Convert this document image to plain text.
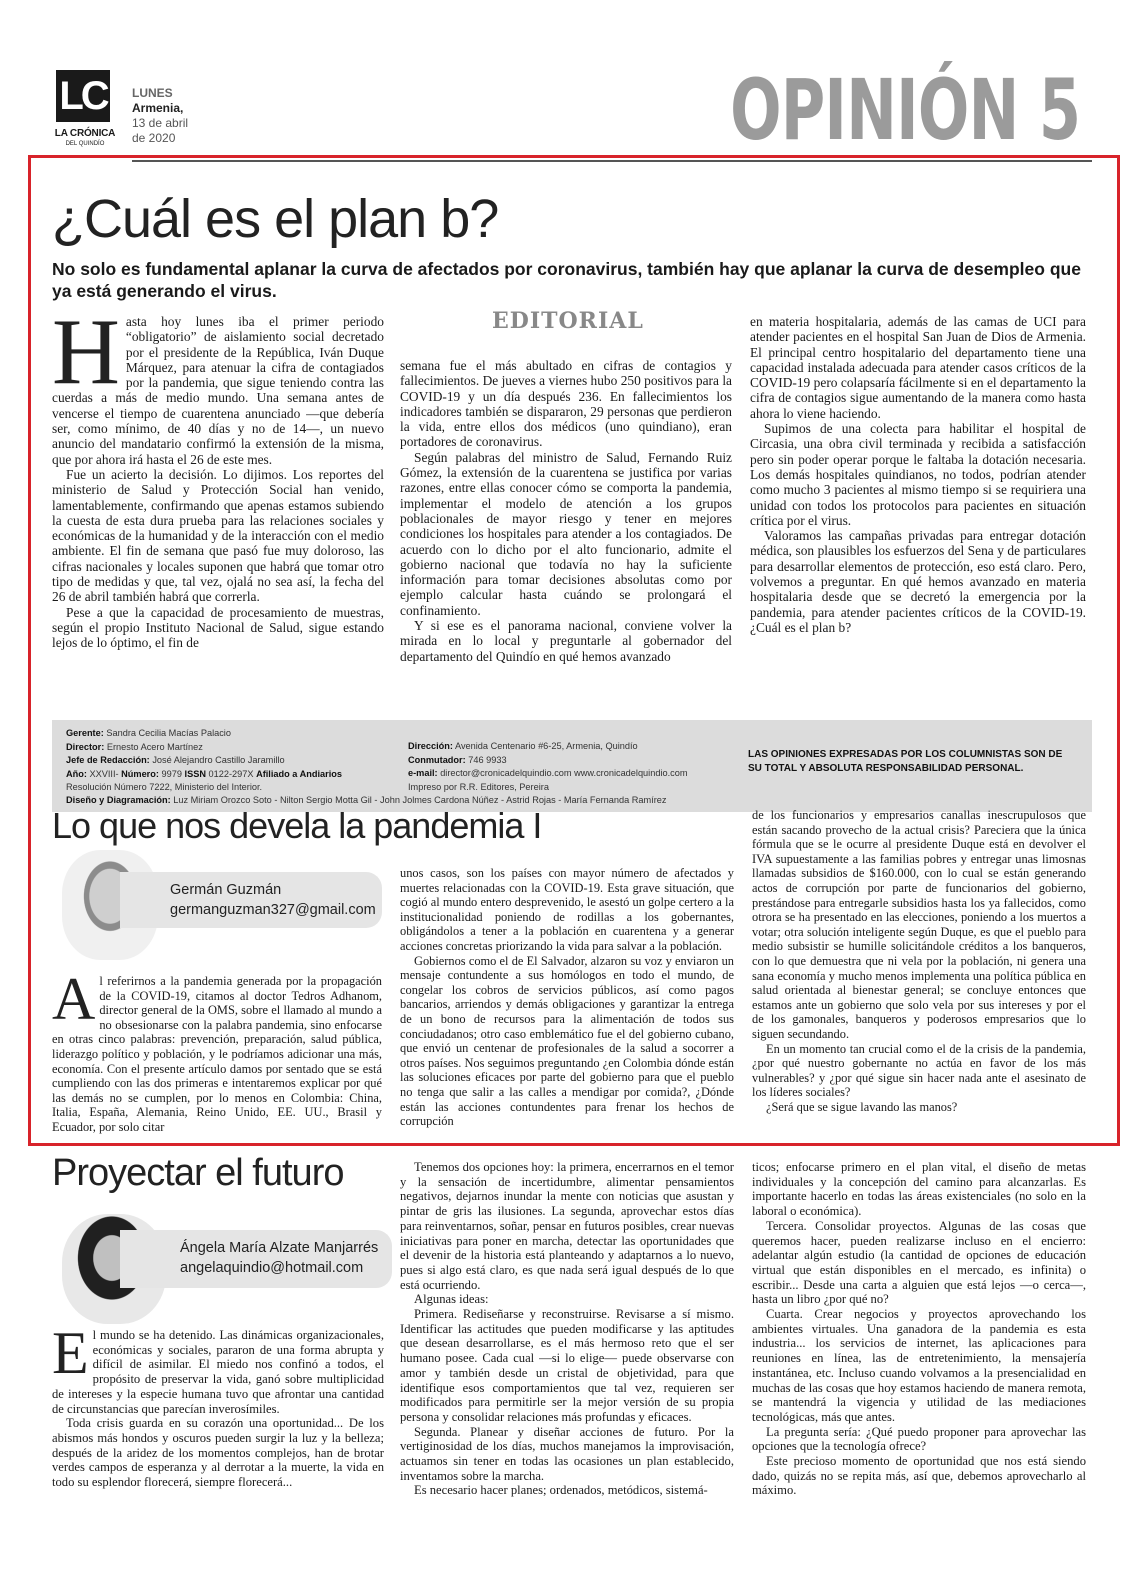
LC
LA CRÓNICA
DEL QUINDÍO
LUNES
Armenia,
13 de abril
de 2020	OPINIÓN 5
¿Cuál es el plan b?
No solo es fundamental aplanar la curva de afectados por coronavirus, también hay que aplanar la curva de desempleo que ya está generando el virus.
EDITORIAL

Hasta hoy lunes iba el primer periodo “obligatorio” de aislamiento social decretado por el presidente de la República, Iván Duque Márquez, para atenuar la cifra de contagiados por la pandemia, que sigue teniendo contra las cuerdas a más de medio mundo. Una semana antes de vencerse el tiempo de cuarentena anunciado —que debería ser, como mínimo, de 40 días y no de 14—, un nuevo anuncio del mandatario confirmó la extensión de la misma, que por ahora irá hasta el 26 de este mes.

Fue un acierto la decisión. Lo dijimos. Los reportes del ministerio de Salud y Protección Social han venido, lamentablemente, confirmando que apenas estamos subiendo la cuesta de esta dura prueba para las relaciones sociales y económicas de la humanidad y de la interacción con el medio ambiente. El fin de semana que pasó fue muy doloroso, las cifras nacionales y locales suponen que habrá que tomar otro tipo de medidas y que, tal vez, ojalá no sea así, la fecha del 26 de abril también habrá que correrla.

Pese a que la capacidad de procesamiento de muestras, según el propio Instituto Nacional de Salud, sigue estando lejos de lo óptimo, el fin de

semana fue el más abultado en cifras de contagios y fallecimientos. De jueves a viernes hubo 250 positivos para la COVID-19 y un día después 236. En fallecimientos los indicadores también se dispararon, 29 personas que perdieron la vida, entre ellos dos médicos (uno quindiano), eran portadores de coronavirus.

Según palabras del ministro de Salud, Fernando Ruiz Gómez, la extensión de la cuarentena se justifica por varias razones, entre ellas conocer cómo se comporta la pandemia, implementar el modelo de atención a los grupos poblacionales de mayor riesgo y tener en mejores condiciones los hospitales para atender a los contagiados. De acuerdo con lo dicho por el alto funcionario, admite el gobierno nacional que todavía no hay la suficiente información para tomar decisiones absolutas como por ejemplo calcular hasta cuándo se prolongará el confinamiento.

Y si ese es el panorama nacional, conviene volver la mirada en lo local y preguntarle al gobernador del departamento del Quindío en qué hemos avanzado

en materia hospitalaria, además de las camas de UCI para atender pacientes en el hospital San Juan de Dios de Armenia. El principal centro hospitalario del departamento tiene una capacidad instalada adecuada para atender casos críticos de la COVID-19 pero colapsaría fácilmente si en el departamento la cifra de contagios sigue aumentando de la manera como hasta ahora lo viene haciendo.

Supimos de una colecta para habilitar el hospital de Circasia, una obra civil terminada y recibida a satisfacción pero sin poder operar porque le faltaba la dotación necesaria. Los demás hospitales quindianos, no todos, podrían atender como mucho 3 pacientes al mismo tiempo si se requiriera una unidad con todos los protocolos para pacientes en situación crítica por el virus.

Valoramos las campañas privadas para entregar dotación médica, son plausibles los esfuerzos del Sena y de particulares para desarrollar elementos de protección, eso está claro. Pero, volvemos a preguntar. En qué hemos avanzado en materia hospitalaria desde que se decretó la emergencia por la pandemia, para atender pacientes críticos de la COVID-19. ¿Cuál es el plan b?

Gerente: Sandra Cecilia Macías Palacio
Director: Ernesto Acero Martínez
Jefe de Redacción: José Alejandro Castillo Jaramillo
Año: XXVIII- Número: 9979 ISSN 0122-297X Afiliado a Andiarios
Resolución Número 7222, Ministerio del Interior.
Dirección: Avenida Centenario #6-25, Armenia, Quindío
Conmutador: 746 9933
e-mail: director@cronicadelquindio.com www.cronicadelquindio.com
Impreso por R.R. Editores, Pereira
LAS OPINIONES EXPRESADAS POR LOS COLUMNISTAS SON DE SU TOTAL Y ABSOLUTA RESPONSABILIDAD PERSONAL.
Diseño y Diagramación: Luz Miriam Orozco Soto - Nilton Sergio Motta Gil - John Jolmes Cardona Núñez - Astrid Rojas - María Fernanda Ramírez
Lo que nos devela la pandemia I
Germán Guzmán
germanguzman327@gmail.com

Al referirnos a la pandemia generada por la propagación de la COVID-19, citamos al doctor Tedros Adhanom, director general de la OMS, sobre el llamado al mundo a no obsesionarse con la palabra pandemia, sino enfocarse en otras cinco palabras: prevención, preparación, salud pública, liderazgo político y población, y le podríamos adicionar una más, economía. Con el presente artículo damos por sentado que se está cumpliendo con las dos primeras e intentaremos explicar por qué las demás no se cumplen, por lo menos en Colombia: China, Italia, España, Alemania, Reino Unido, EE. UU., Brasil y Ecuador, por solo citar

unos casos, son los países con mayor número de afectados y muertes relacionadas con la COVID-19. Esta grave situación, que cogió al mundo entero desprevenido, le asestó un golpe certero a la institucionalidad poniendo de rodillas a los gobernantes, obligándolos a tener a la población en cuarentena y a generar acciones concretas priorizando la vida para salvar a la población.

Gobiernos como el de El Salvador, alzaron su voz y enviaron un mensaje contundente a sus homólogos en todo el mundo, de congelar los cobros de servicios públicos, así como pagos bancarios, arriendos y demás obligaciones y garantizar la entrega de un bono de recursos para la alimentación de todos sus conciudadanos; otro caso emblemático fue el del gobierno cubano, que envió un centenar de profesionales de la salud a socorrer a otros países. Nos seguimos preguntando ¿en Colombia dónde están las soluciones eficaces por parte del gobierno para que el pueblo no tenga que salir a las calles a mendigar por comida?, ¿Dónde están las acciones contundentes para frenar los hechos de corrupción

de los funcionarios y empresarios canallas inescrupulosos que están sacando provecho de la actual crisis? Pareciera que la única fórmula que se le ocurre al presidente Duque está en devolver el IVA supuestamente a las familias pobres y entregar unas limosnas llamadas subsidios de $160.000, con lo cual se están generando actos de corrupción por parte de funcionarios del gobierno, prestándose para entregarle subsidios hasta los ya fallecidos, como otrora se ha presentado en las elecciones, poniendo a los muertos a votar; otra solución inteligente según Duque, es que el pueblo para medio subsistir se humille solicitándole créditos a los banqueros, con lo que demuestra que ni vela por la población, ni genera una sana economía y mucho menos implementa una política pública en salud orientada al bienestar general; se concluye entonces que estamos ante un gobierno que solo vela por sus intereses y por el de los gamonales, banqueros y poderosos empresarios que lo siguen secundando.

En un momento tan crucial como el de la crisis de la pandemia, ¿por qué nuestro gobernante no actúa en favor de los más vulnerables? y ¿por qué sigue sin hacer nada ante el asesinato de los líderes sociales?

¿Será que se sigue lavando las manos?

Proyectar el futuro
Ángela María Alzate Manjarrés
angelaquindio@hotmail.com

El mundo se ha detenido. Las dinámicas organizacionales, económicas y sociales, pararon de una forma abrupta y difícil de asimilar. El miedo nos confinó a todos, el propósito de preservar la vida, ganó sobre multiplicidad de intereses y la especie humana tuvo que afrontar una cantidad de circunstancias que parecían inverosímiles.

Toda crisis guarda en su corazón una oportunidad... De los abismos más hondos y oscuros pueden surgir la luz y la belleza; después de la aridez de los momentos complejos, han de brotar verdes campos de esperanza y al derrotar a la muerte, la vida en todo su esplendor florecerá, siempre florecerá...

Tenemos dos opciones hoy: la primera, encerrarnos en el temor y la sensación de incertidumbre, alimentar pensamientos negativos, dejarnos inundar la mente con noticias que asustan y pintar de gris las ilusiones. La segunda, aprovechar estos días para reinventarnos, soñar, pensar en futuros posibles, crear nuevas iniciativas para poner en marcha, detectar las oportunidades que el devenir de la historia está planteando y adaptarnos a lo nuevo, pues si algo está claro, es que nada será igual después de lo que está ocurriendo.

Algunas ideas:

Primera. Rediseñarse y reconstruirse. Revisarse a sí mismo. Identificar las actitudes que pueden modificarse y las aptitudes que desean desarrollarse, es el más hermoso reto que el ser humano posee. Cada cual —si lo elige— puede observarse con amor y también desde un cristal de objetividad, para que identifique esos comportamientos que tal vez, requieren ser modificados para permitirle ser la mejor versión de su propia persona y consolidar relaciones más profundas y eficaces.

Segunda. Planear y diseñar acciones de futuro. Por la vertiginosidad de los días, muchos manejamos la improvisación, actuamos sin tener en todas las ocasiones un plan establecido, inventamos sobre la marcha.

Es necesario hacer planes; ordenados, metódicos, sistemá-

ticos; enfocarse primero en el plan vital, el diseño de metas individuales y la concepción del camino para alcanzarlas. Es importante hacerlo en todas las áreas existenciales (no solo en la laboral o económica).

Tercera. Consolidar proyectos. Algunas de las cosas que queremos hacer, pueden realizarse incluso en el encierro: adelantar algún estudio (la cantidad de opciones de educación virtual que están disponibles en el mercado, es infinita) o escribir... Desde una carta a alguien que está lejos —o cerca—, hasta un libro ¿por qué no?

Cuarta. Crear negocios y proyectos aprovechando los ambientes virtuales. Una ganadora de la pandemia es esta industria... los servicios de internet, las aplicaciones para reuniones en línea, las de entretenimiento, la mensajería instantánea, etc. Incluso cuando volvamos a la presencialidad en muchas de las cosas que hoy estamos haciendo de manera remota, se mantendrá la vigencia y utilidad de las mediaciones tecnológicas, más que antes.

La pregunta sería: ¿Qué puedo proponer para aprovechar las opciones que la tecnología ofrece?

Este precioso momento de oportunidad que nos está siendo dado, quizás no se repita más, así que, debemos aprovecharlo al máximo.
